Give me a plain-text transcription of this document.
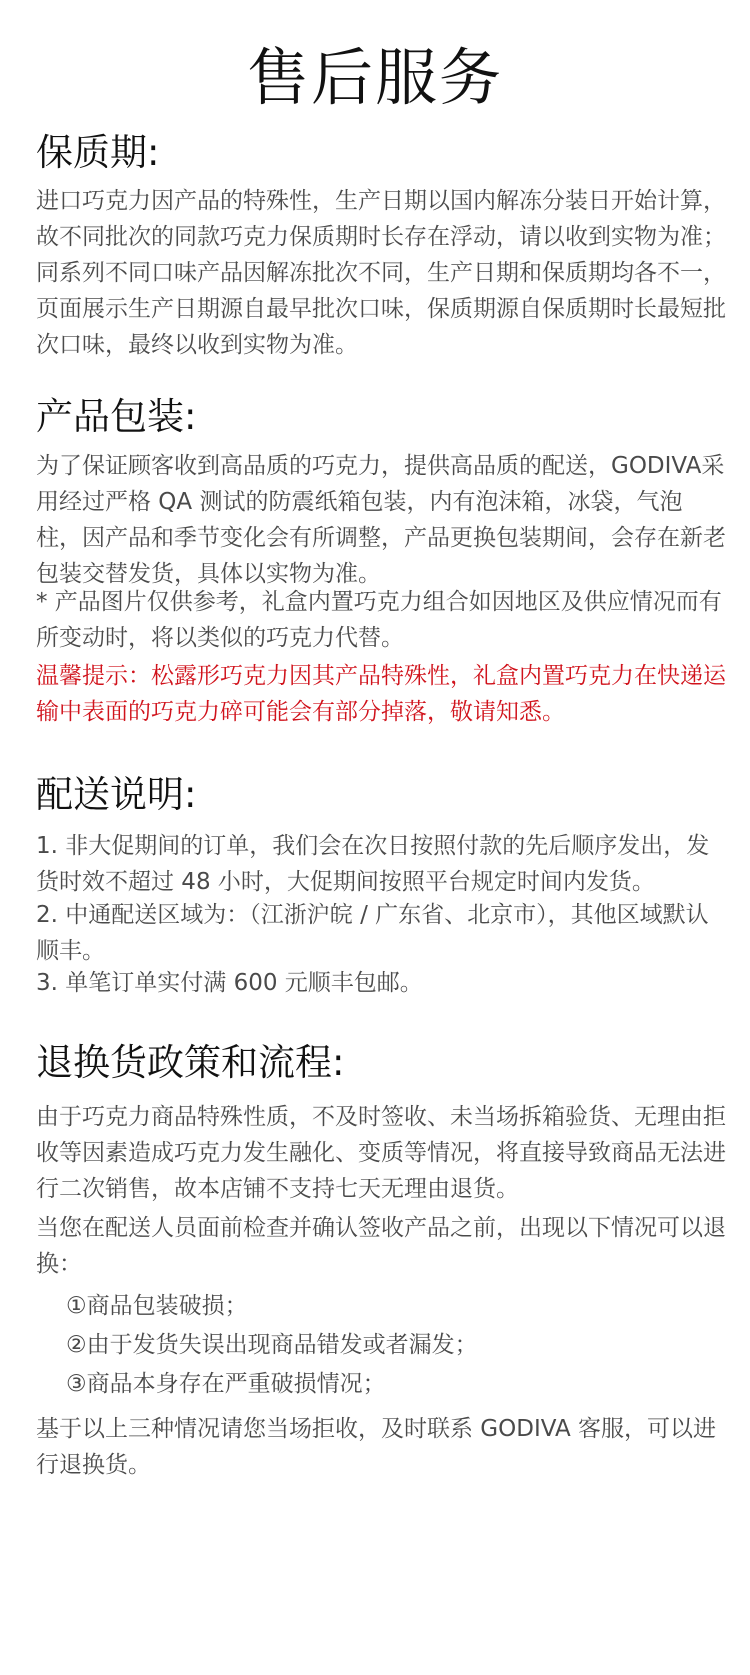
售后服务
保质期:

进口巧克力因产品的特殊性，生产日期以国内解冻分装日开始计算，故不同批次的同款巧克力保质期时长存在浮动，请以收到实物为准；同系列不同口味产品因解冻批次不同，生产日期和保质期均各不一，页面展示生产日期源自最早批次口味，保质期源自保质期时长最短批次口味，最终以收到实物为准。

产品包装:

为了保证顾客收到高品质的巧克力，提供高品质的配送，GODIVA采用经过严格 QA 测试的防震纸箱包装，内有泡沫箱，冰袋，气泡柱，因产品和季节变化会有所调整，产品更换包装期间，会存在新老包装交替发货，具体以实物为准。

* 产品图片仅供参考，礼盒内置巧克力组合如因地区及供应情况而有所变动时，将以类似的巧克力代替。

温馨提示：松露形巧克力因其产品特殊性，礼盒内置巧克力在快递运输中表面的巧克力碎可能会有部分掉落，敬请知悉。

配送说明:

1. 非大促期间的订单，我们会在次日按照付款的先后顺序发出，发货时效不超过 48 小时，大促期间按照平台规定时间内发货。

2. 中通配送区域为：（江浙沪皖 / 广东省、北京市），其他区域默认顺丰。

3. 单笔订单实付满 600 元顺丰包邮。

退换货政策和流程:

由于巧克力商品特殊性质，不及时签收、未当场拆箱验货、无理由拒收等因素造成巧克力发生融化、变质等情况，将直接导致商品无法进行二次销售，故本店铺不支持七天无理由退货。

当您在配送人员面前检查并确认签收产品之前，出现以下情况可以退换：

①商品包装破损；
②由于发货失误出现商品错发或者漏发；
③商品本身存在严重破损情况；

基于以上三种情况请您当场拒收，及时联系 GODIVA 客服，可以进行退换货。
